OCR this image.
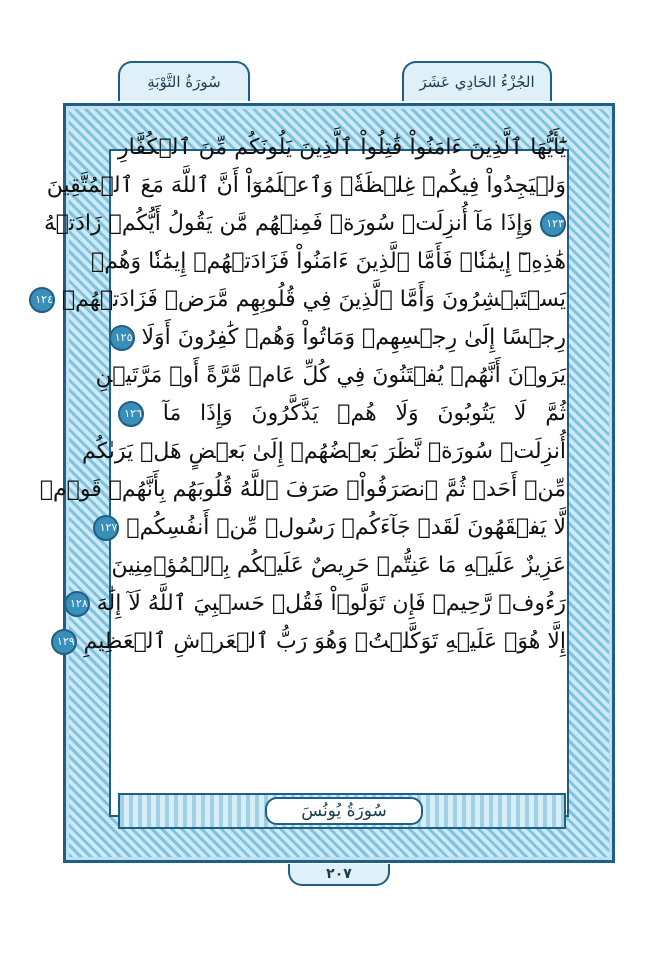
سُورَةُ التَّوْبَةِ	الجُزْءُ الحَادِي عَشَرَ
يَٰٓأَيُّهَا ٱلَّذِينَ ءَامَنُواْ قَٰتِلُواْ ٱلَّذِينَ يَلُونَكُم مِّنَ ٱلۡكُفَّارِ
وَلۡيَجِدُواْ فِيكُمۡ غِلۡظَةٗۚ وَٱعۡلَمُوٓاْ أَنَّ ٱللَّهَ مَعَ ٱلۡمُتَّقِينَ
١٢٣ وَإِذَا مَآ أُنزِلَتۡ سُورَةٞ فَمِنۡهُم مَّن يَقُولُ أَيُّكُمۡ زَادَتۡهُ
هَٰذِهِۦٓ إِيمَٰنٗاۚ فَأَمَّا ٱلَّذِينَ ءَامَنُواْ فَزَادَتۡهُمۡ إِيمَٰنٗا وَهُمۡ
يَسۡتَبۡشِرُونَ وَأَمَّا ٱلَّذِينَ فِي قُلُوبِهِم مَّرَضٞ فَزَادَتۡهُمۡ ١٢٤
رِجۡسًا إِلَىٰ رِجۡسِهِمۡ وَمَاتُواْ وَهُمۡ كَٰفِرُونَ أَوَلَا ١٢٥
يَرَوۡنَ أَنَّهُمۡ يُفۡتَنُونَ فِي كُلِّ عَامٖ مَّرَّةً أَوۡ مَرَّتَيۡنِ
ثُمَّ لَا يَتُوبُونَ وَلَا هُمۡ يَذَّكَّرُونَ وَإِذَا مَآ ١٢٦
أُنزِلَتۡ سُورَةٞ نَّظَرَ بَعۡضُهُمۡ إِلَىٰ بَعۡضٍ هَلۡ يَرَىٰكُم
مِّنۡ أَحَدٖ ثُمَّ ٱنصَرَفُواْۚ صَرَفَ ٱللَّهُ قُلُوبَهُم بِأَنَّهُمۡ قَوۡمٞ
لَّا يَفۡقَهُونَ لَقَدۡ جَآءَكُمۡ رَسُولٞ مِّنۡ أَنفُسِكُمۡ ١٢٧
عَزِيزٌ عَلَيۡهِ مَا عَنِتُّمۡ حَرِيصٌ عَلَيۡكُم بِٱلۡمُؤۡمِنِينَ
رَءُوفٞ رَّحِيمٞ فَإِن تَوَلَّوۡاْ فَقُلۡ حَسۡبِيَ ٱللَّهُ لَآ إِلَٰهَ ١٢٨
إِلَّا هُوَۖ عَلَيۡهِ تَوَكَّلۡتُۖ وَهُوَ رَبُّ ٱلۡعَرۡشِ ٱلۡعَظِيمِ ١٢٩
سُورَةُ يُونُسَ
٢٠٧
